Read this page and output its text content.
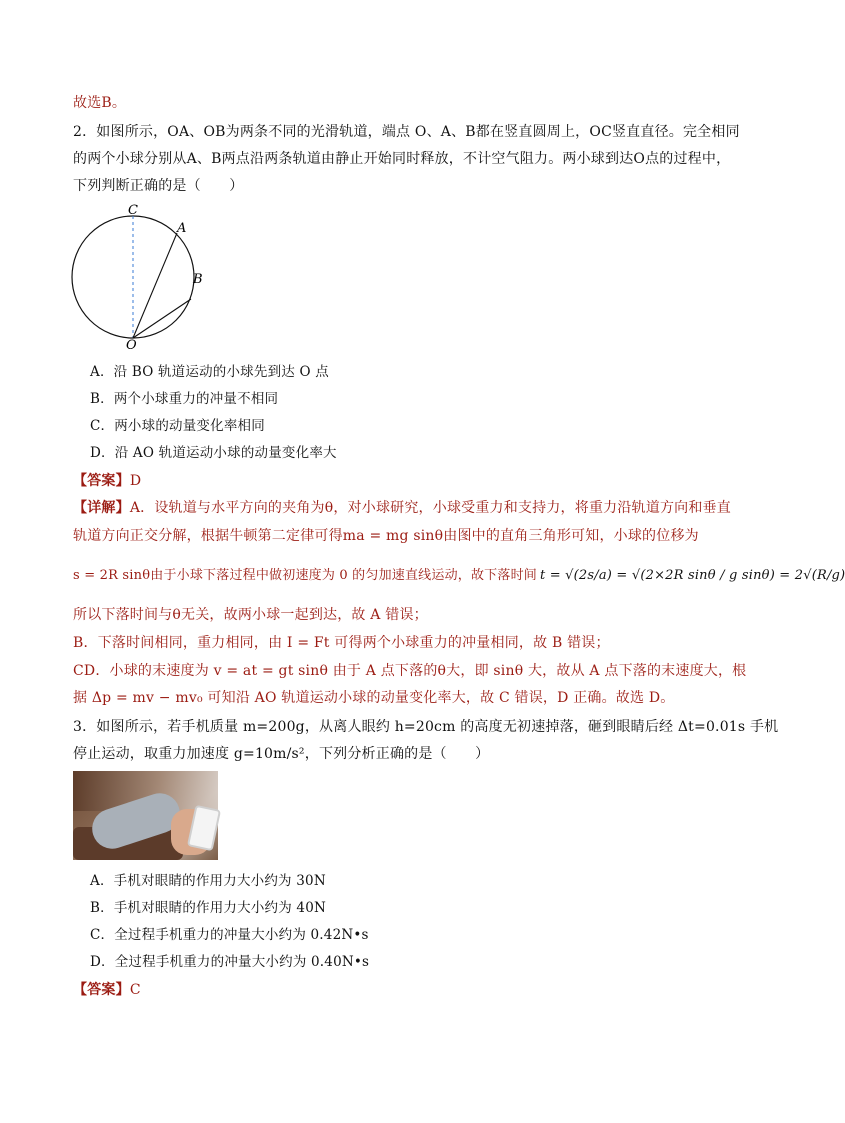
故选B。
2．如图所示，OA、OB为两条不同的光滑轨道，端点 O、A、B都在竖直圆周上，OC竖直直径。完全相同
的两个小球分别从A、B两点沿两条轨道由静止开始同时释放，不计空气阻力。两小球到达O点的过程中，
下列判断正确的是（　　）
C
A
B
O
A．沿 BO 轨道运动的小球先到达 O 点
B．两个小球重力的冲量不相同
C．两小球的动量变化率相同
D．沿 AO 轨道运动小球的动量变化率大
【答案】D
【详解】A．设轨道与水平方向的夹角为θ，对小球研究，小球受重力和支持力，将重力沿轨道方向和垂直
轨道方向正交分解，根据牛顿第二定律可得ma = mg sinθ由图中的直角三角形可知，小球的位移为
s = 2R sinθ由于小球下落过程中做初速度为 0 的匀加速直线运动，故下落时间 t = √(2s/a) = √(2×2R sinθ / g sinθ) = 2√(R/g)
所以下落时间与θ无关，故两小球一起到达，故 A 错误；
B．下落时间相同，重力相同，由 I = Ft 可得两个小球重力的冲量相同，故 B 错误；
CD．小球的末速度为 v = at = gt sinθ 由于 A 点下落的θ大，即 sinθ 大，故从 A 点下落的末速度大，根
据 Δp = mv − mv₀ 可知沿 AO 轨道运动小球的动量变化率大，故 C 错误，D 正确。故选 D。
3．如图所示，若手机质量 m=200g，从离人眼约 h=20cm 的高度无初速掉落，砸到眼睛后经 Δt=0.01s 手机
停止运动，取重力加速度 g=10m/s²，下列分析正确的是（　　）
A．手机对眼睛的作用力大小约为 30N
B．手机对眼睛的作用力大小约为 40N
C．全过程手机重力的冲量大小约为 0.42N•s
D．全过程手机重力的冲量大小约为 0.40N•s
【答案】C
